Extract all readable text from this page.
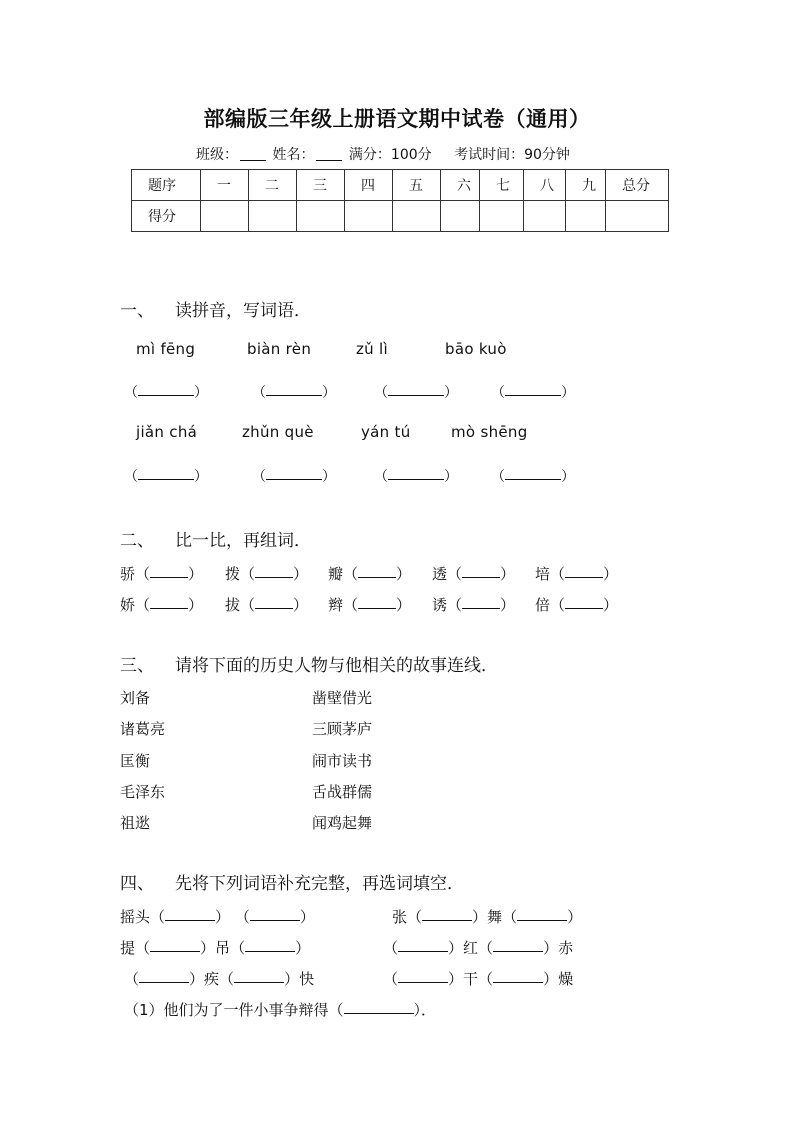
部编版三年级上册语文期中试卷（通用）
班级： 姓名： 满分：100分 考试时间：90分钟
题序	一	二	三	四	五	六	七	八	九	总分
得分										
一、 读拼音，写词语．
mì fēng	biàn rèn	zǔ lì	bāo kuò
（	）	（	）	（	） （	）
jiǎn chá	zhǔn què	yán tú	mò shēng
（	）	（	）	（	） （	）
二、 比一比，再组词．
骄（	） 拨（	） 瓣（	） 透（	） 培（	）
娇（	） 拔（	） 辫（	） 诱（	） 倍（	）
三、 请将下面的历史人物与他相关的故事连线．
刘备
诸葛亮
匡衡
毛泽东
祖逖
凿壁借光
三顾茅庐
闹市读书
舌战群儒
闻鸡起舞
四、 先将下列词语补充完整，再选词填空．
摇头（	） （	）	张（	）舞（	）
提（	）吊（	）	（	）红（	）赤
（	）疾（	）快	（	）干（	）燥
（1）他们为了一件小事争辩得（	）．
